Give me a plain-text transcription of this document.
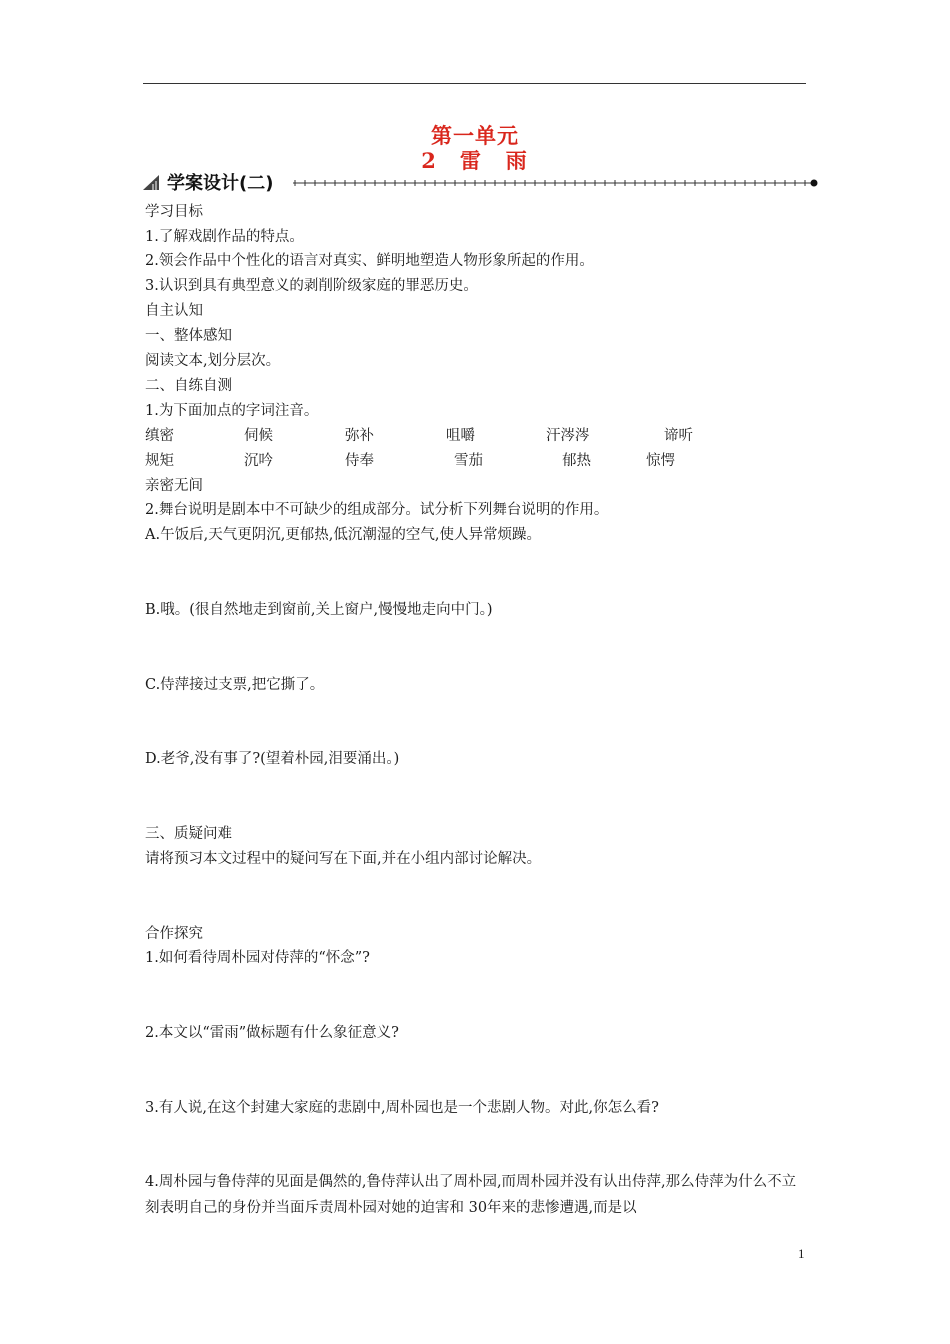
第一单元
2 雷　雨
学案设计(二)
学习目标
1.了解戏剧作品的特点。
2.领会作品中个性化的语言对真实、鲜明地塑造人物形象所起的作用。
3.认识到具有典型意义的剥削阶级家庭的罪恶历史。
自主认知
一、整体感知
阅读文本,划分层次。
二、自练自测
1.为下面加点的字词注音。
缜密	伺候	弥补	咀嚼	汗涔涔	谛听
规矩	沉吟	侍奉	雪茄	郁热	惊愕
亲密无间
2.舞台说明是剧本中不可缺少的组成部分。试分析下列舞台说明的作用。
A.午饭后,天气更阴沉,更郁热,低沉潮湿的空气,使人异常烦躁。
B.哦。(很自然地走到窗前,关上窗户,慢慢地走向中门。)
C.侍萍接过支票,把它撕了。
D.老爷,没有事了?(望着朴园,泪要涌出。)
三、质疑问难
请将预习本文过程中的疑问写在下面,并在小组内部讨论解决。
合作探究
1.如何看待周朴园对侍萍的“怀念”?
2.本文以“雷雨”做标题有什么象征意义?
3.有人说,在这个封建大家庭的悲剧中,周朴园也是一个悲剧人物。对此,你怎么看?
4.周朴园与鲁侍萍的见面是偶然的,鲁侍萍认出了周朴园,而周朴园并没有认出侍萍,那么侍萍为什么不立刻表明自己的身份并当面斥责周朴园对她的迫害和 30年来的悲惨遭遇,而是以
1
